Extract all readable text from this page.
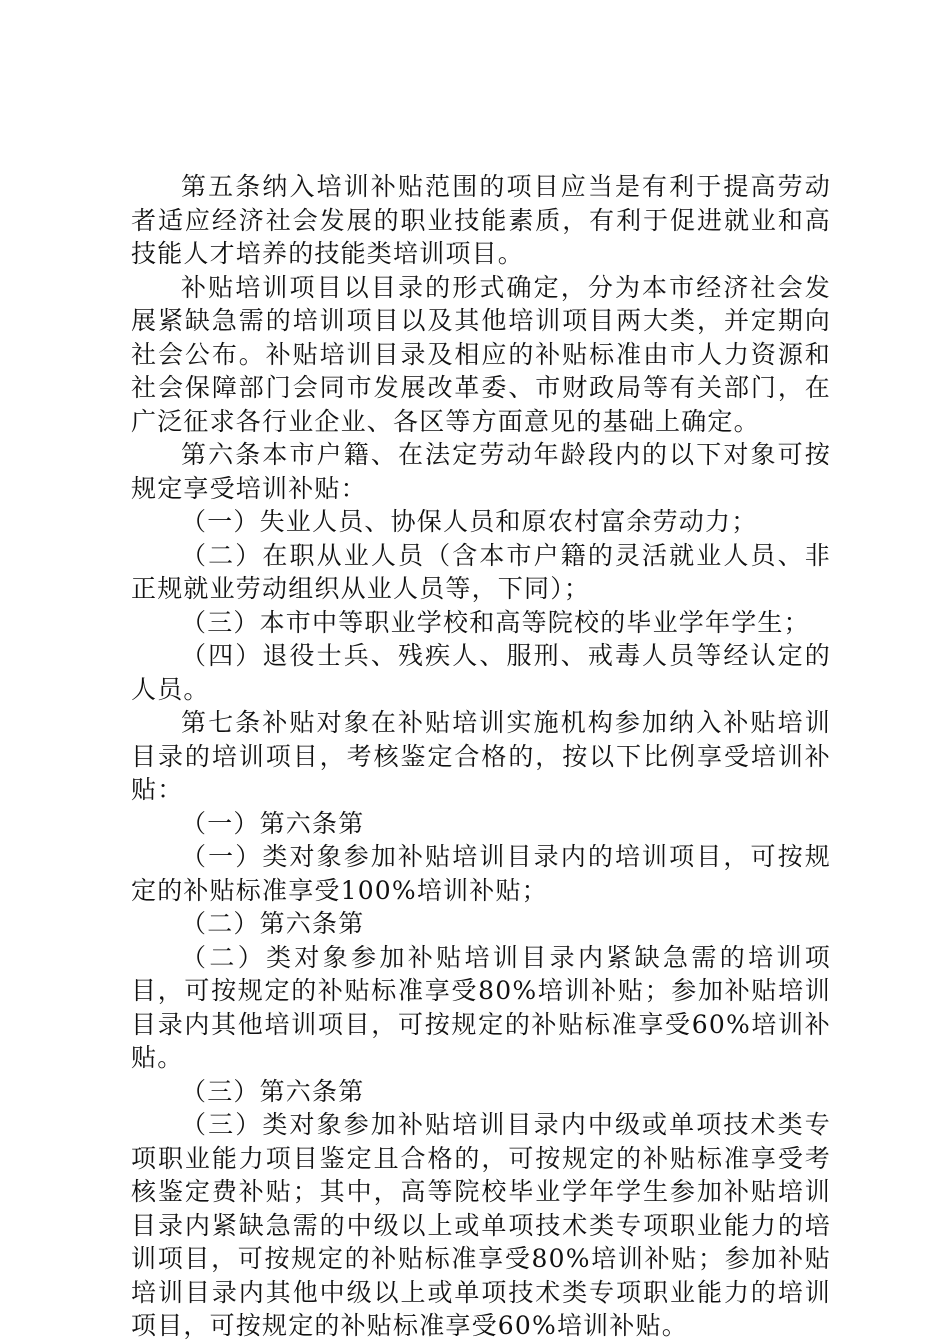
第五条纳入培训补贴范围的项目应当是有利于提高劳动者适应经济社会发展的职业技能素质，有利于促进就业和高技能人才培养的技能类培训项目。

补贴培训项目以目录的形式确定，分为本市经济社会发展紧缺急需的培训项目以及其他培训项目两大类，并定期向社会公布。补贴培训目录及相应的补贴标准由市人力资源和社会保障部门会同市发展改革委、市财政局等有关部门，在广泛征求各行业企业、各区等方面意见的基础上确定。

第六条本市户籍、在法定劳动年龄段内的以下对象可按规定享受培训补贴：

（一）失业人员、协保人员和原农村富余劳动力；

（二）在职从业人员（含本市户籍的灵活就业人员、非正规就业劳动组织从业人员等，下同）；

（三）本市中等职业学校和高等院校的毕业学年学生；

（四）退役士兵、残疾人、服刑、戒毒人员等经认定的人员。

第七条补贴对象在补贴培训实施机构参加纳入补贴培训目录的培训项目，考核鉴定合格的，按以下比例享受培训补贴：

（一）第六条第

（一）类对象参加补贴培训目录内的培训项目，可按规定的补贴标准享受100%培训补贴；

（二）第六条第

（二）类对象参加补贴培训目录内紧缺急需的培训项目，可按规定的补贴标准享受80%培训补贴；参加补贴培训目录内其他培训项目，可按规定的补贴标准享受60%培训补贴。

（三）第六条第

（三）类对象参加补贴培训目录内中级或单项技术类专项职业能力项目鉴定且合格的，可按规定的补贴标准享受考核鉴定费补贴；其中，高等院校毕业学年学生参加补贴培训目录内紧缺急需的中级以上或单项技术类专项职业能力的培训项目，可按规定的补贴标准享受80%培训补贴；参加补贴培训目录内其他中级以上或单项技术类专项职业能力的培训项目，可按规定的补贴标准享受60%培训补贴。
